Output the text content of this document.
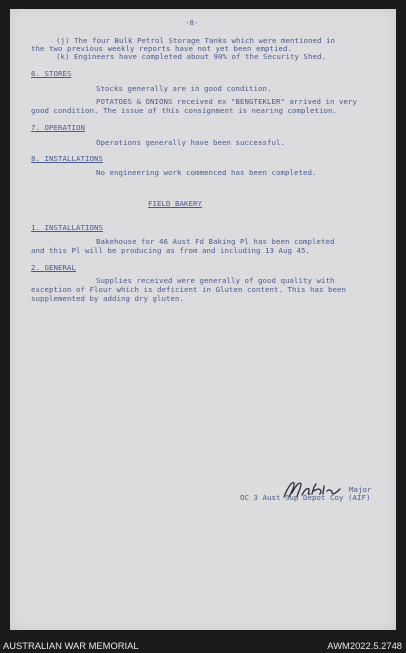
-8-
(j) The four Bulk Petrol Storage Tanks which were mentioned in
the two previous weekly reports have not yet been emptied.
(k) Engineers have completed about 90% of the Security Shed.
6. STORES
Stocks generally are in good condition.
POTATOES & ONIONS received ex "BENGTEKLER" arrived in very
good condition. The issue of this consignment is nearing completion.
7. OPERATION
Operations generally have been successful.
8. INSTALLATIONS
No engineering work commenced has been completed.
FIELD BAKERY
1. INSTALLATIONS
Bakehouse for 46 Aust Fd Baking Pl has been completed
and this Pl will be producing as from and including 13 Aug 45.
2. GENERAL
Supplies received were generally of good quality with
exception of Flour which is deficient in Gluten content. This has been
supplemented by adding dry gluten.
Major
OC 3 Aust Sup Depot Coy (AIF)
AUSTRALIAN WAR MEMORIAL	AWM2022.5.2748
